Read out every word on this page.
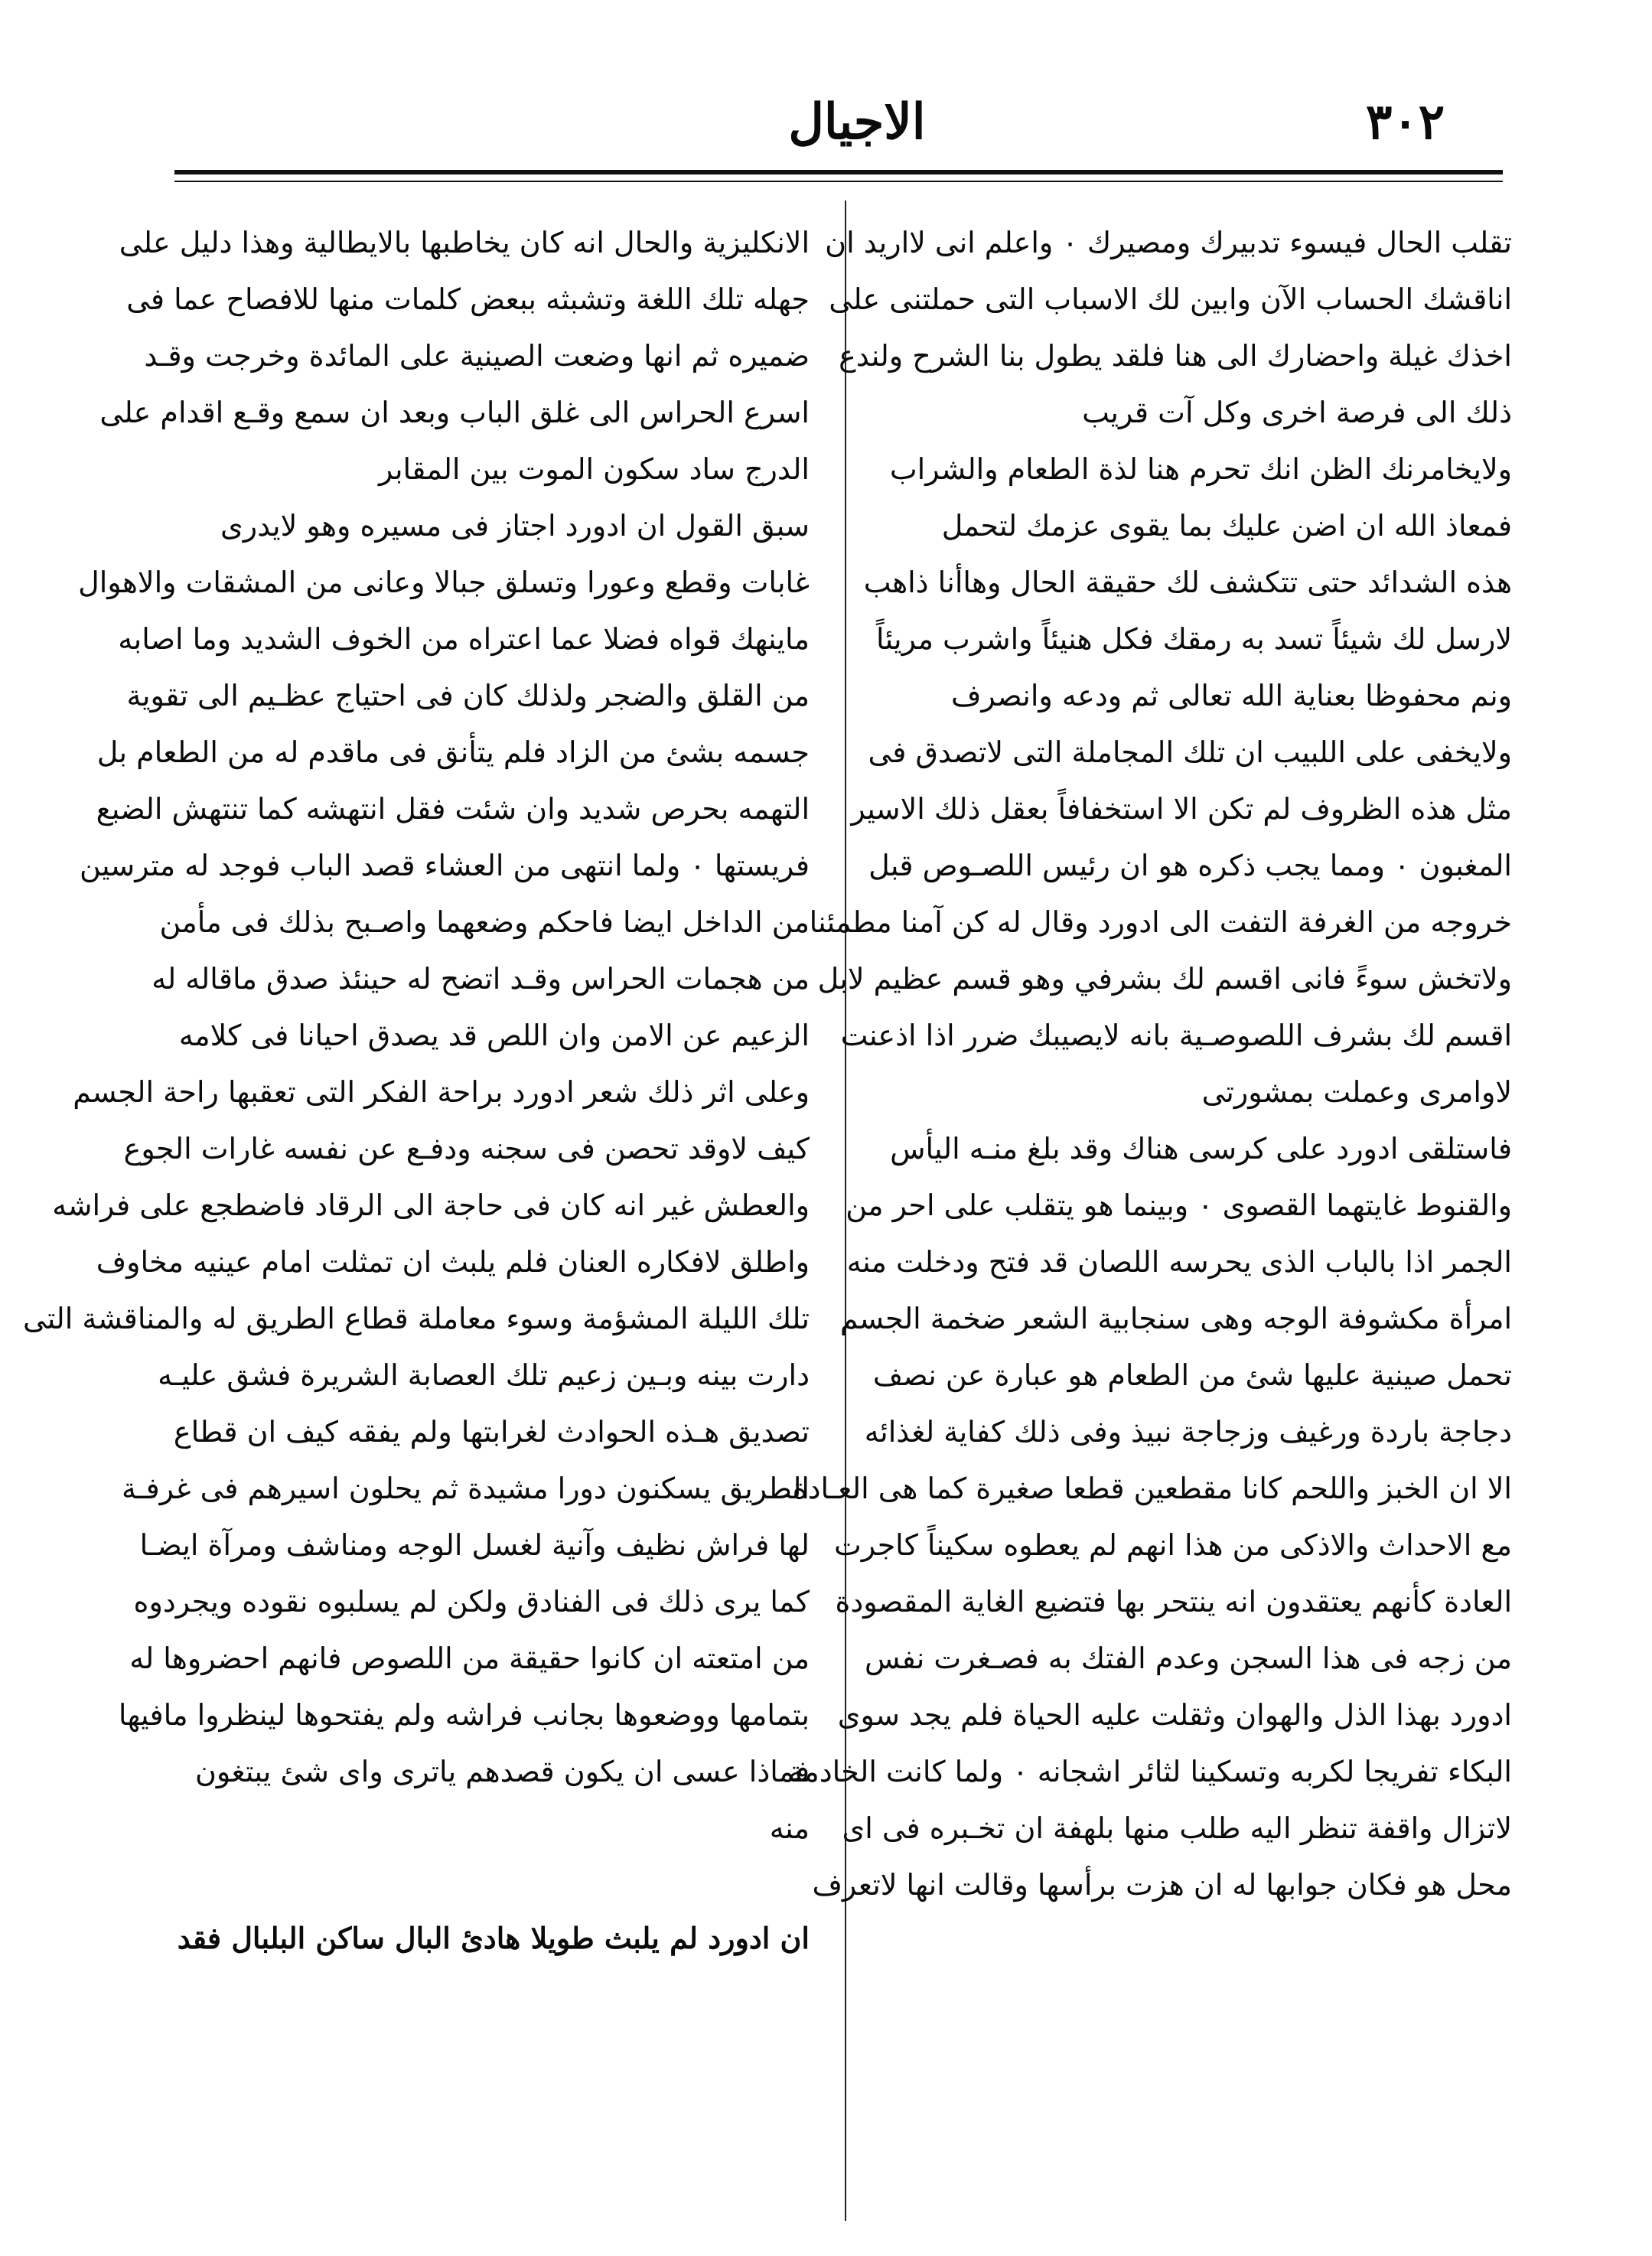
٣٠٢
الاجيال
تقلب الحال فيسوء تدبيرك ومصيرك ٠ واعلم انى لااريد ان
اناقشك الحساب الآن وابين لك الاسباب التى حملتنى على
اخذك غيلة واحضارك الى هنا فلقد يطول بنا الشرح ولندع
ذلك الى فرصة اخرى وكل آت قريب
ولايخامرنك الظن انك تحرم هنا لذة الطعام والشراب
فمعاذ الله ان اضن عليك بما يقوى عزمك لتحمل
هذه الشدائد حتى تتكشف لك حقيقة الحال وهاأنا ذاهب
لارسل لك شيئاً تسد به رمقك فكل هنيئاً واشرب مريئاً
ونم محفوظا بعناية الله تعالى ثم ودعه وانصرف
ولايخفى على اللبيب ان تلك المجاملة التى لاتصدق فى
مثل هذه الظروف لم تكن الا استخفافاً بعقل ذلك الاسير
المغبون ٠ ومما يجب ذكره هو ان رئيس اللصـوص قبل
خروجه من الغرفة التفت الى ادورد وقال له كن آمنا مطمئنا
ولاتخش سوءً فانى اقسم لك بشرفي وهو قسم عظيم لابل
اقسم لك بشرف اللصوصـية بانه لايصيبك ضرر اذا اذعنت
لاوامرى وعملت بمشورتى
فاستلقى ادورد على كرسى هناك وقد بلغ منـه اليأس
والقنوط غايتهما القصوى ٠ وبينما هو يتقلب على احر من
الجمر اذا بالباب الذى يحرسه اللصان قد فتح ودخلت منه
امرأة مكشوفة الوجه وهى سنجابية الشعر ضخمة الجسم
تحمل صينية عليها شئ من الطعام هو عبارة عن نصف
دجاجة باردة ورغيف وزجاجة نبيذ وفى ذلك كفاية لغذائه
الا ان الخبز واللحم كانا مقطعين قطعا صغيرة كما هى العـادة
مع الاحداث والاذكى من هذا انهم لم يعطوه سكيناً كاجرت
العادة كأنهم يعتقدون انه ينتحر بها فتضيع الغاية المقصودة
من زجه فى هذا السجن وعدم الفتك به فصـغرت نفس
ادورد بهذا الذل والهوان وثقلت عليه الحياة فلم يجد سوى
البكاء تفريجا لكربه وتسكينا لثائر اشجانه ٠ ولما كانت الخادمة
لاتزال واقفة تنظر اليه طلب منها بلهفة ان تخـبره فى اى
محل هو فكان جوابها له ان هزت برأسها وقالت انها لاتعرف
الانكليزية والحال انه كان يخاطبها بالايطالية وهذا دليل على
جهله تلك اللغة وتشبثه ببعض كلمات منها للافصاح عما فى
ضميره ثم انها وضعت الصينية على المائدة وخرجت وقـد
اسرع الحراس الى غلق الباب وبعد ان سمع وقـع اقدام على
الدرج ساد سكون الموت بين المقابر
سبق القول ان ادورد اجتاز فى مسيره وهو لايدرى
غابات وقطع وعورا وتسلق جبالا وعانى من المشقات والاهوال
ماينهك قواه فضلا عما اعتراه من الخوف الشديد وما اصابه
من القلق والضجر ولذلك كان فى احتياج عظـيم الى تقوية
جسمه بشئ من الزاد فلم يتأنق فى ماقدم له من الطعام بل
التهمه بحرص شديد وان شئت فقل انتهشه كما تنتهش الضبع
فريستها ٠ ولما انتهى من العشاء قصد الباب فوجد له مترسين
من الداخل ايضا فاحكم وضعهما واصـبح بذلك فى مأمن
من هجمات الحراس وقـد اتضح له حينئذ صدق ماقاله له
الزعيم عن الامن وان اللص قد يصدق احيانا فى كلامه
وعلى اثر ذلك شعر ادورد براحة الفكر التى تعقبها راحة الجسم
كيف لاوقد تحصن فى سجنه ودفـع عن نفسه غارات الجوع
والعطش غير انه كان فى حاجة الى الرقاد فاضطجع على فراشه
واطلق لافكاره العنان فلم يلبث ان تمثلت امام عينيه مخاوف
تلك الليلة المشؤمة وسوء معاملة قطاع الطريق له والمناقشة التى
دارت بينه وبـين زعيم تلك العصابة الشريرة فشق عليـه
تصديق هـذه الحوادث لغرابتها ولم يفقه كيف ان قطاع
الطريق يسكنون دورا مشيدة ثم يحلون اسيرهم فى غرفـة
لها فراش نظيف وآنية لغسل الوجه ومناشف ومرآة ايضـا
كما يرى ذلك فى الفنادق ولكن لم يسلبوه نقوده ويجردوه
من امتعته ان كانوا حقيقة من اللصوص فانهم احضروها له
بتمامها ووضعوها بجانب فراشه ولم يفتحوها لينظروا مافيها
فماذا عسى ان يكون قصدهم ياترى واى شئ يبتغون
منه
ان ادورد لم يلبث طويلا هادئ البال ساكن البلبال فقد
